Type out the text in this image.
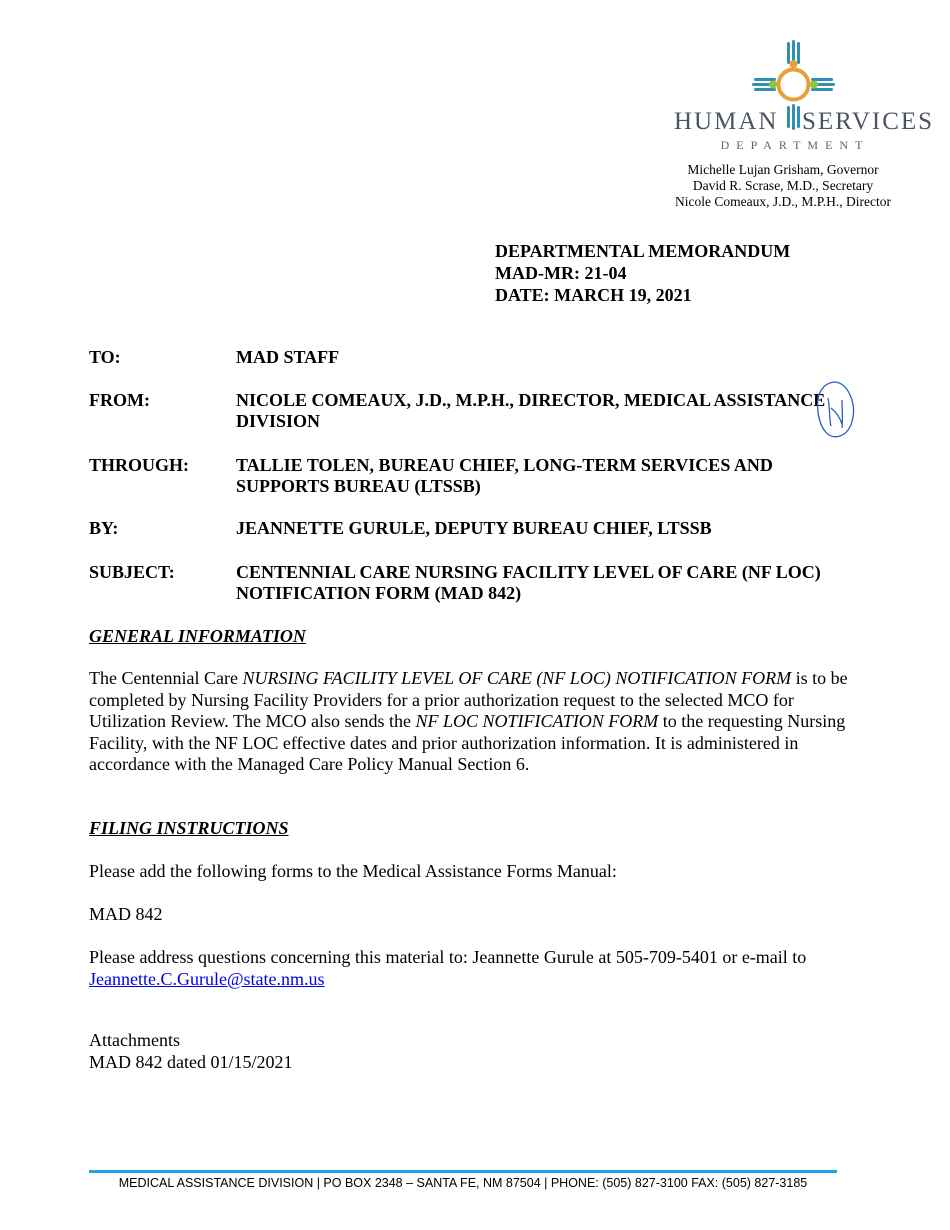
HUMAN SERVICES
DEPARTMENT
Michelle Lujan Grisham, Governor
David R. Scrase, M.D., Secretary
Nicole Comeaux, J.D., M.P.H., Director
DEPARTMENTAL MEMORANDUM
MAD-MR: 21-04
DATE: MARCH 19, 2021
TO:	MAD STAFF
FROM:	NICOLE COMEAUX, J.D., M.P.H., DIRECTOR, MEDICAL ASSISTANCE DIVISION
THROUGH:	TALLIE TOLEN, BUREAU CHIEF, LONG-TERM SERVICES AND SUPPORTS BUREAU (LTSSB)
BY:	JEANNETTE GURULE, DEPUTY BUREAU CHIEF, LTSSB
SUBJECT:	CENTENNIAL CARE NURSING FACILITY LEVEL OF CARE (NF LOC) NOTIFICATION FORM (MAD 842)
GENERAL INFORMATION
The Centennial Care NURSING FACILITY LEVEL OF CARE (NF LOC) NOTIFICATION FORM is to be completed by Nursing Facility Providers for a prior authorization request to the selected MCO for Utilization Review. The MCO also sends the NF LOC NOTIFICATION FORM to the requesting Nursing Facility, with the NF LOC effective dates and prior authorization information. It is administered in accordance with the Managed Care Policy Manual Section 6.
FILING INSTRUCTIONS
Please add the following forms to the Medical Assistance Forms Manual:
MAD 842
Please address questions concerning this material to: Jeannette Gurule at 505-709-5401 or e-mail to
Jeannette.C.Gurule@state.nm.us
Attachments
MAD 842 dated 01/15/2021
MEDICAL ASSISTANCE DIVISION | PO BOX 2348 – SANTA FE, NM 87504 | PHONE: (505) 827-3100 FAX: (505) 827-3185
